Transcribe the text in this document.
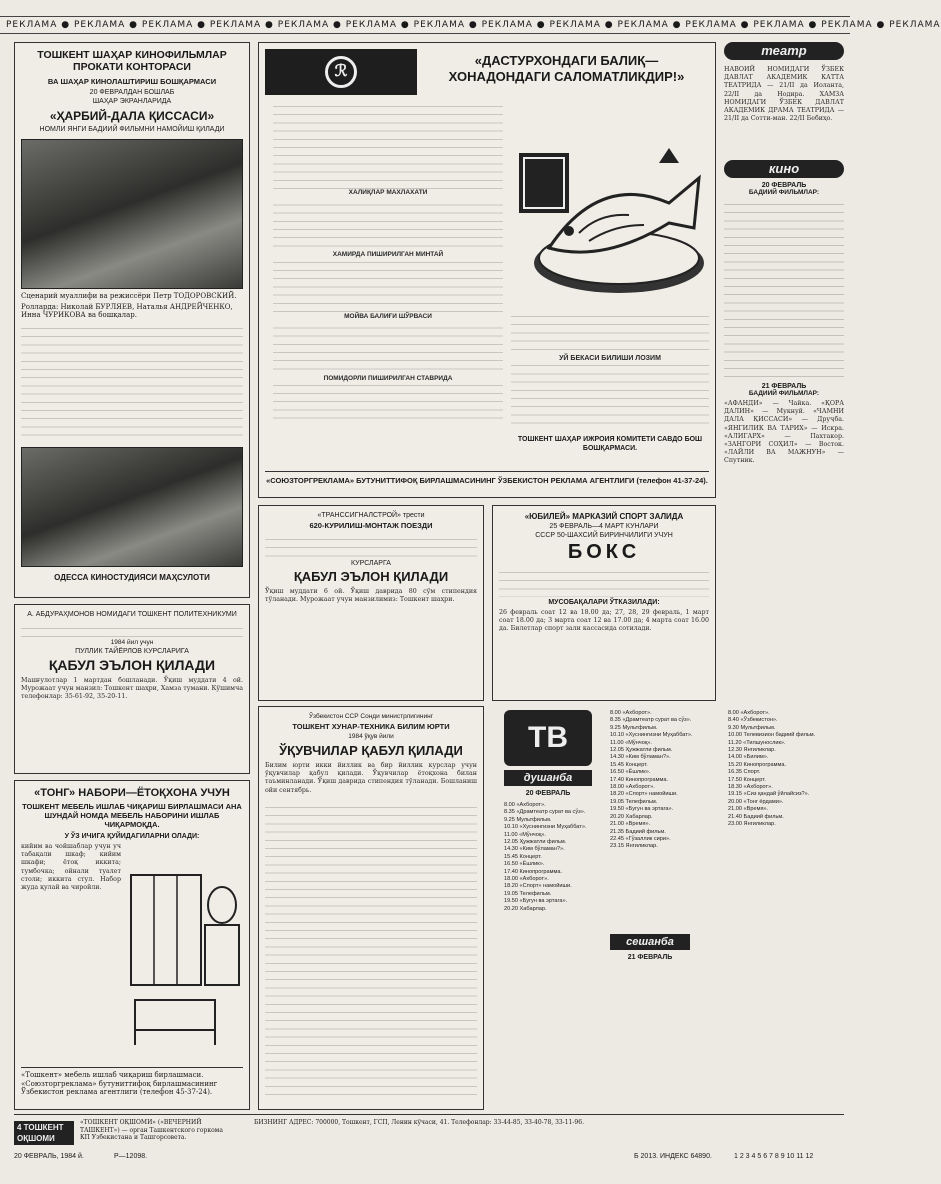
РЕКЛАМА ● РЕКЛАМА ● РЕКЛАМА ● РЕКЛАМА ● РЕКЛАМА ● РЕКЛАМА ● РЕКЛАМА ● РЕКЛАМА ● РЕКЛАМА ● РЕКЛАМА ● РЕКЛАМА ● РЕКЛАМА ● РЕКЛАМА ● РЕКЛАМА
ТОШКЕНТ ШАҲАР КИНОФИЛЬМЛАР ПРОКАТИ КОНТОРАСИ
ВА ШАҲАР КИНОЛАШТИРИШ БОШҚАРМАСИ
20 ФЕВРАЛДАН БОШЛАБ
ШАҲАР ЭКРАНЛАРИДА
«ҲАРБИЙ-ДАЛА ҚИССАСИ»
НОМЛИ ЯНГИ БАДИИЙ ФИЛЬМНИ НАМОЙИШ ҚИЛАДИ
Сценарий муаллифи ва режиссёри Петр ТОДОРОВСКИЙ.
Ролларда: Николай БУРЛЯЕВ, Наталья АНДРЕЙЧЕНКО, Инна ЧУРИКОВА ва бошқалар.
ОДЕССА КИНОСТУДИЯСИ МАҲСУЛОТИ
ℛ
«ДАСТУРХОНДАГИ БАЛИҚ— ХОНАДОНДАГИ САЛОМАТЛИКДИР!»
ХАЛИҚЛАР МАХЛАХАТИ
ХАМИРДА ПИШИРИЛГАН МИНТАЙ
МОЙВА БАЛИҒИ ШЎРВАСИ
ПОМИДОРЛИ ПИШИРИЛГАН СТАВРИДА
УЙ БЕКАСИ БИЛИШИ ЛОЗИМ
ТОШКЕНТ ШАҲАР ИЖРОИЯ КОМИТЕТИ САВДО БОШ БОШҚАРМАСИ.
«СОЮЗТОРГРЕКЛАМА» БУТУНИТТИФОҚ БИРЛАШМАСИНИНГ ЎЗБЕКИСТОН РЕКЛАМА АГЕНТЛИГИ (телефон 41-37-24).
театр
НАВОИЙ НОМИДАГИ ЎЗБЕК ДАВЛАТ АКАДЕМИК КАТТА ТЕАТРИДА — 21/II да Иоланта, 22/II да Нодира. ХАМЗА НОМИДАГИ ЎЗБЕК ДАВЛАТ АКАДЕМИК ДРАМА ТЕАТРИДА — 21/II да Сотти-ман. 22/II Бебиҳо.
кино
20 ФЕВРАЛЬ
БАДИИЙ ФИЛЬМЛАР:
21 ФЕВРАЛЬ
БАДИИЙ ФИЛЬМЛАР:
«АФАНДИ» — Чайка. «ҚОРА ДАЛИН» — Мукнуй. «ЧАМНИ ДАЛА ҚИССАСИ» — Друҷба. «ЯНГИЛИК ВА ТАРИХ» — Искра. «АЛИГАРХ» — Пахтакор. «ЗАНГОРИ СОҲИЛ» — Восток. «ЛАЙЛИ ВА МАЖНУН» — Спутник.
«ТРАНССИГНАЛСТРОЙ» трести
620-КУРИЛИШ-МОНТАЖ ПОЕЗДИ
КУРСЛАРГА
ҚАБУЛ ЭЪЛОН ҚИЛАДИ
Ўқиш муддати 6 ой. Ўқиш даврида 80 сўм стипендия тўланади. Мурожаат учун манзилимиз: Тошкент шаҳри.
«ЮБИЛЕЙ» МАРКАЗИЙ СПОРТ ЗАЛИДА
25 ФЕВРАЛЬ—4 МАРТ КУНЛАРИ
СССР 50-ШАХСИЙ БИРИНЧИЛИГИ УЧУН
БОКС
МУСОБАҚАЛАРИ ЎТКАЗИЛАДИ:
26 февраль соат 12 ва 18.00 да; 27, 28, 29 февраль, 1 март соат 18.00 да; 3 марта соат 12 ва 17.00 да; 4 марта соат 16.00 да. Билетлар спорт зали кассасида сотилади.
А. АБДУРАҲМОНОВ НОМИДАГИ ТОШКЕНТ ПОЛИТЕХНИКУМИ
1984 йил учун
ПУЛЛИК ТАЙЁРЛОВ КУРСЛАРИГА
ҚАБУЛ ЭЪЛОН ҚИЛАДИ
Машғулотлар 1 мартдан бошланади. Ўқиш муддати 4 ой. Мурожаат учун манзил: Тошкент шаҳри, Хамза тумани. Кўшимча телефонлар: 35-61-92, 35-20-11.
«ТОНГ» НАБОРИ—ЁТОҚХОНА УЧУН
ТОШКЕНТ МЕБЕЛЬ ИШЛАБ ЧИҚАРИШ БИРЛАШМАСИ АНА ШУНДАЙ НОМДА МЕБЕЛЬ НАБОРИНИ ИШЛАБ ЧИҚАРМОҚДА.
У ЎЗ ИЧИГА ҚУЙИДАГИЛАРНИ ОЛАДИ:
кийим ва чойшаблар учун уч табақали шкаф; кийим шкафи; ётоқ иккита; тумбочка; ойнали туалет столи; иккита стул. Набор жуда қулай ва чиройли.
«Тошкент» мебель ишлаб чиқариш бирлашмаси. «Союзторгреклама» бутуниттифоқ бирлашмасининг Ўзбекистон реклама агентлиги (телефон 45-37-24).
Ўзбекистон ССР Сонди министрлигининг
ТОШКЕНТ ХУНАР-ТЕХНИКА БИЛИМ ЮРТИ
1984 ўқув йили
ЎҚУВЧИЛАР ҚАБУЛ ҚИЛАДИ
Билим юрти икки йиллик ва бир йиллик курслар учун ўқувчилар қабул қилади. Ўқувчилар ётоқхона билан таъминланади. Ўқиш даврида стипендия тўланади. Бошланиш ойи сентябрь.
ТВ
душанба
20 ФЕВРАЛЬ
8.00 «Ахборот».
8.35 «Драмтеатр сурат ва сўз».
9.25 Мультфильм.
10.10 «Хуснингизни Муҳаббат».
11.00 «Мўнчоқ».
12.05 Ҳужжатли фильм.
14.30 «Ким бўламан?».
15.45 Концерт.
16.50 «Ёшлик».
17.40 Кинопрограмма.
18.00 «Ахборот».
18.20 «Спорт» намойиши.
19.05 Телефильм.
19.50 «Бугун ва эртага».
20.20 Хабарлар.
8.00 «Ахборот».
8.35 «Драмтеатр сурат ва сўз».
9.25 Мультфильм.
10.10 «Хуснингизни Муҳаббат».
11.00 «Мўнчоқ».
12.05 Ҳужжатли фильм.
14.30 «Ким бўламан?».
15.45 Концерт.
16.50 «Ёшлик».
17.40 Кинопрограмма.
18.00 «Ахборот».
18.20 «Спорт» намойиши.
19.05 Телефильм.
19.50 «Бугун ва эртага».
20.20 Хабарлар.
21.00 «Время».
21.35 Бадиий фильм.
22.45 «Гўзаллик сири».
23.15 Янгиликлар.
сешанба
21 ФЕВРАЛЬ
8.00 «Ахборот».
8.40 «Ўзбекистон».
9.30 Мультфильм.
10.00 Телевизион бадиий фильм.
11.20 «Тилшунослик».
12.30 Янгиликлар.
14.00 «Билим».
15.20 Кинопрограмма.
16.35 Спорт.
17.50 Концерт.
18.30 «Ахборот».
19.15 «Сиз қандай ўйлайсиз?».
20.00 «Тонг ёрдами».
21.00 «Время».
21.40 Бадиий фильм.
23.00 Янгиликлар.
4 ТОШКЕНТ ОҚШОМИ
«ТОШКЕНТ ОҚШОМИ» («ВЕЧЕРНИЙ ТАШКЕНТ») — орган Ташкентского горкома КП Узбекистана и Ташгорсовета.
БИЗНИНГ АДРЕС: 700000, Тошкент, ГСП, Ленин кўчаси, 41. Телефонлар: 33-44-85, 33-40-78, 33-11-96.
20 ФЕВРАЛЬ, 1984 й.	Р—12098.	Б 2013. ИНДЕКС 64890.	1 2 3 4 5 6 7 8 9 10 11 12
